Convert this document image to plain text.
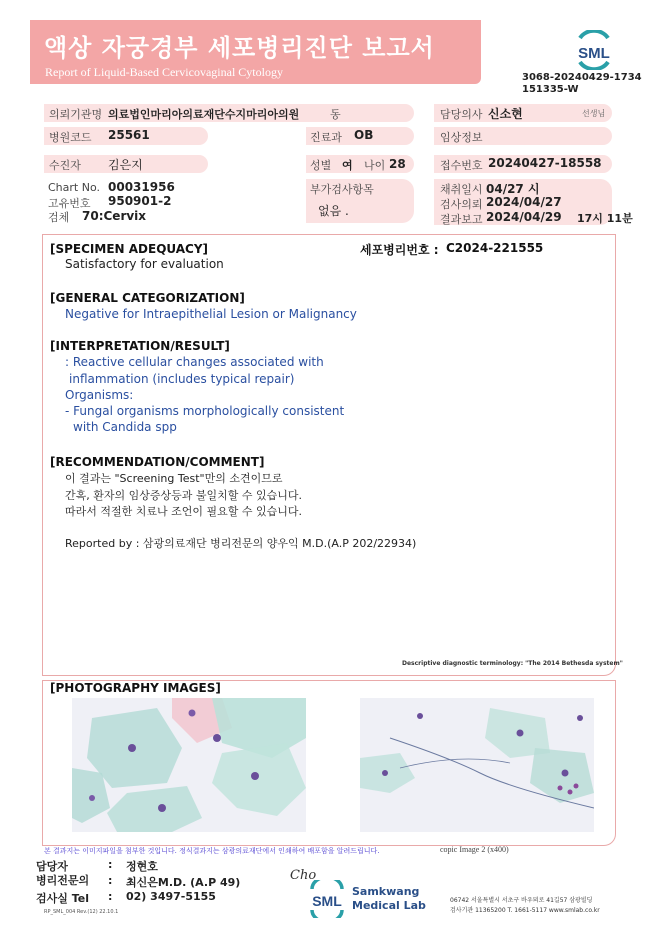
액상 자궁경부 세포병리진단 보고서
Report of Liquid-Based Cervicovaginal Cytology
SML
3068-20240429-1734
151335-W
의뢰기관명 의료법인마리아의료재단수지마리아의원	동	담당의사 신소현	선생님
병원코드 25561	진료과 OB	임상정보
수진자 김은지	성별 여 나이 28	접수번호 20240427-18558
Chart No. 00031956
고유번호 950901-2
검체 70:Cervix
부가검사항목
없음 .
채취일시 04/27 시
검사의뢰 2024/04/27
결과보고 2024/04/29 17시 11분
[SPECIMEN ADEQUACY]
Satisfactory for evaluation
세포병리번호 : C2024-221555
[GENERAL CATEGORIZATION]
Negative for Intraepithelial Lesion or Malignancy
[INTERPRETATION/RESULT]
: Reactive cellular changes associated with
inflammation (includes typical repair)
Organisms:
- Fungal organisms morphologically consistent
with Candida spp
[RECOMMENDATION/COMMENT]
이 결과는 "Screening Test"만의 소견이므로
간혹, 환자의 임상증상등과 불일치할 수 있습니다.
따라서 적절한 치료나 조언이 필요할 수 있습니다.
Reported by : 삼광의료재단 병리전문의 양우익 M.D.(A.P 202/22934)
Descriptive diagnostic terminology: "The 2014 Bethesda system"
[PHOTOGRAPHY IMAGES]
copic Image 2 (x400)
본 결과지는 이미지파일을 첨부한 것입니다. 정식결과지는 삼광의료재단에서 인쇄하여 배포함을 알려드립니다.
담당자	: 정현호
병리전문의 : 최신은M.D. (A.P 49)
검사실 Tel : 02) 3497-5155
RP_SML_004 Rev.(12) 22.10.1
Cho
SML
Samkwang
Medical Lab	06742 서울특별시 서초구 바우뫼로 41길57 삼광빌딩
검사기관 11365200 T. 1661-5117 www.smlab.co.kr
